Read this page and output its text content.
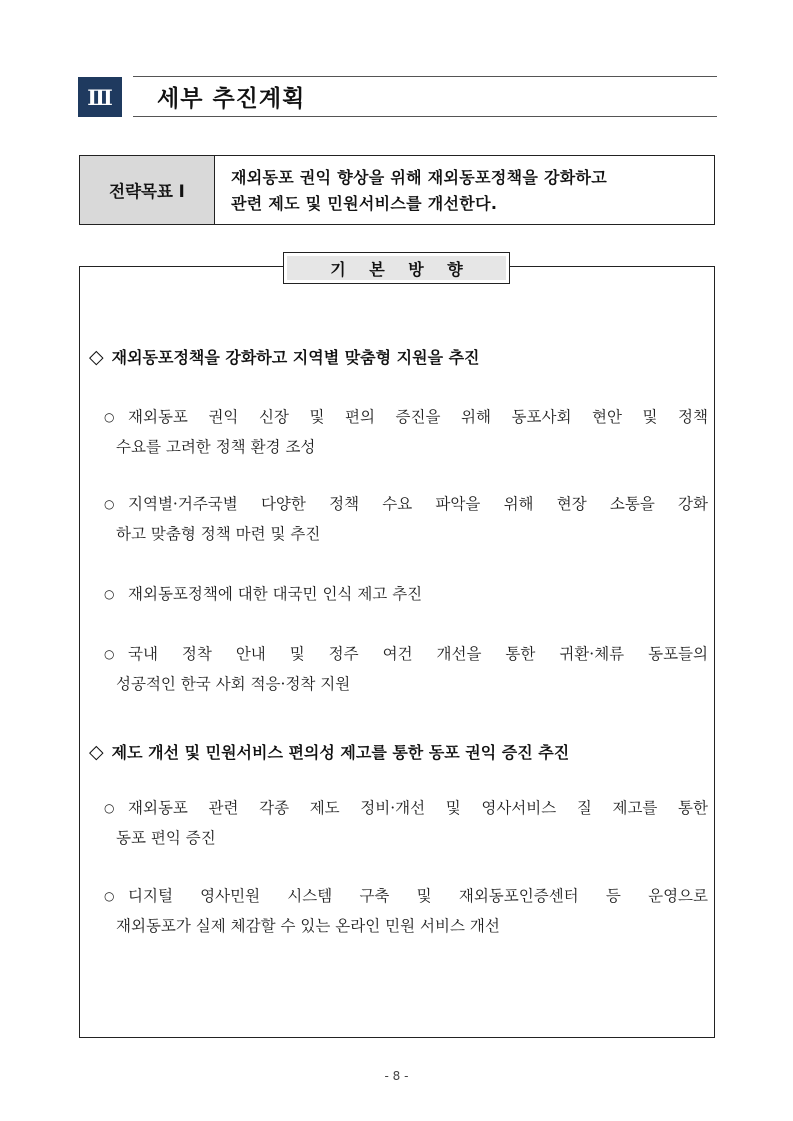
Ⅲ	세부 추진계획
전략목표 I
재외동포 권익 향상을 위해 재외동포정책을 강화하고
관련 제도 및 민원서비스를 개선한다.
기 본 방 향
◇ 재외동포정책을 강화하고 지역별 맞춤형 지원을 추진
○ 재외동포 권익 신장 및 편의 증진을 위해 동포사회 현안 및 정책
수요를 고려한 정책 환경 조성
○ 지역별·거주국별 다양한 정책 수요 파악을 위해 현장 소통을 강화
하고 맞춤형 정책 마련 및 추진
○ 재외동포정책에 대한 대국민 인식 제고 추진
○ 국내 정착 안내 및 정주 여건 개선을 통한 귀환·체류 동포들의
성공적인 한국 사회 적응·정착 지원
◇ 제도 개선 및 민원서비스 편의성 제고를 통한 동포 권익 증진 추진
○ 재외동포 관련 각종 제도 정비·개선 및 영사서비스 질 제고를 통한
동포 편익 증진
○ 디지털 영사민원 시스템 구축 및 재외동포인증센터 등 운영으로
재외동포가 실제 체감할 수 있는 온라인 민원 서비스 개선
- 8 -
